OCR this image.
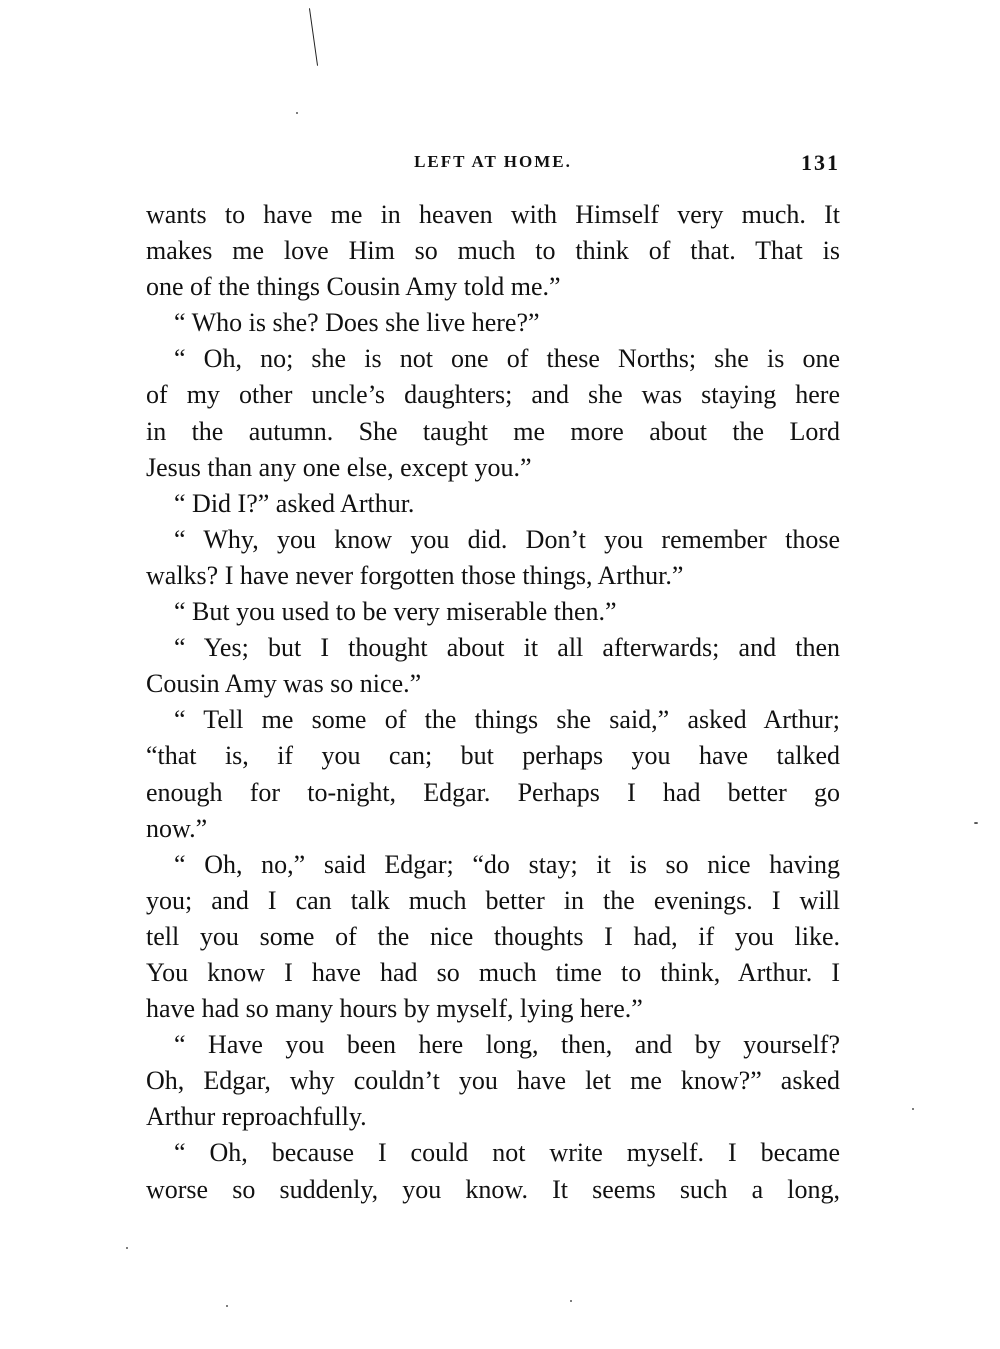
LEFT AT HOME.	131
wants to have me in heaven with Himself very much. It
makes me love Him so much to think of that. That is
one of the things Cousin Amy told me.”
“ Who is she? Does she live here?”
“ Oh, no; she is not one of these Norths; she is one
of my other uncle’s daughters; and she was staying here
in the autumn. She taught me more about the Lord
Jesus than any one else, except you.”
“ Did I?” asked Arthur.
“ Why, you know you did. Don’t you remember those
walks? I have never forgotten those things, Arthur.”
“ But you used to be very miserable then.”
“ Yes; but I thought about it all afterwards; and then
Cousin Amy was so nice.”
“ Tell me some of the things she said,” asked Arthur;
“that is, if you can; but perhaps you have talked
enough for to-night, Edgar. Perhaps I had better go
now.”
“ Oh, no,” said Edgar; “do stay; it is so nice having
you; and I can talk much better in the evenings. I will
tell you some of the nice thoughts I had, if you like.
You know I have had so much time to think, Arthur. I
have had so many hours by myself, lying here.”
“ Have you been here long, then, and by yourself?
Oh, Edgar, why couldn’t you have let me know?” asked
Arthur reproachfully.
“ Oh, because I could not write myself. I became
worse so suddenly, you know. It seems such a long,
